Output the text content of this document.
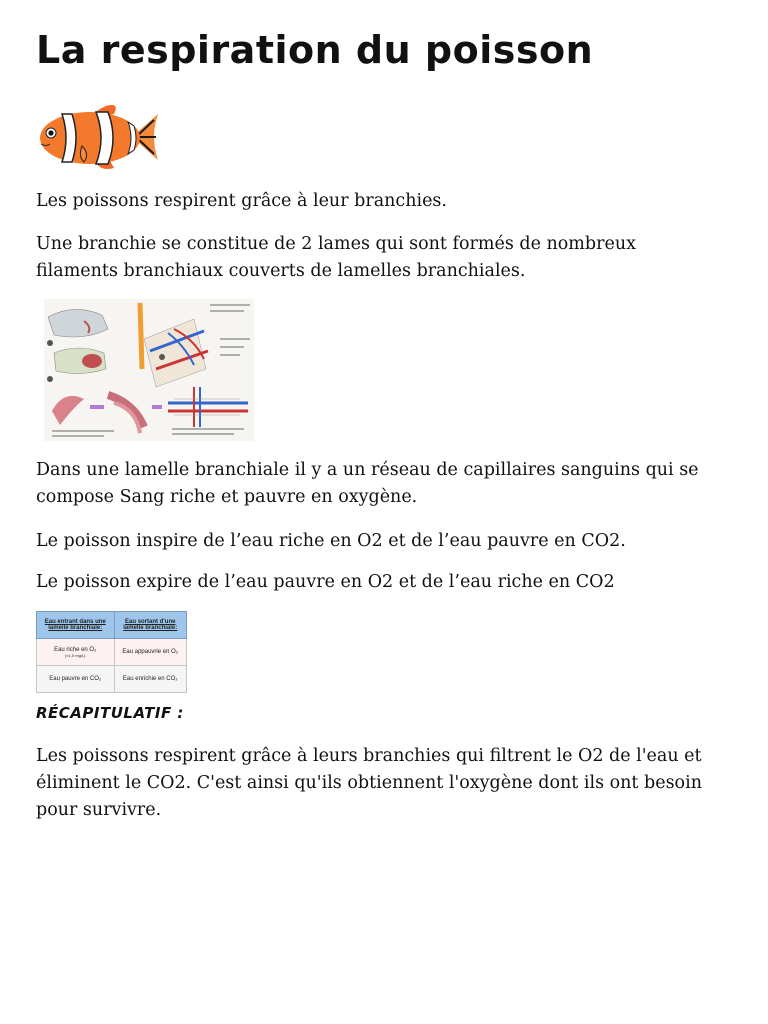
La respiration du poisson

Les poissons respirent grâce à leur branchies.

Une branchie se constitue de 2 lames qui sont formés de nombreux filaments branchiaux couverts de lamelles branchiales.

Dans une lamelle branchiale il y a un réseau de capillaires sanguins qui se compose Sang riche et pauvre en oxygène.

Le poisson inspire de l’eau riche en O2 et de l’eau pauvre en CO2.

Le poisson expire de l’eau pauvre en O2 et de l’eau riche en CO2

Eau entrant dans une lamelle branchiale:	Eau sortant d'une lamelle branchiale:
Eau riche en O₂
(≈1,0 mg/L)	Eau appauvrie en O₂
Eau pauvre en CO₂	Eau enrichie en CO₂
RÉCAPITULATIF :

Les poissons respirent grâce à leurs branchies qui filtrent le O2 de l'eau et éliminent le CO2. C'est ainsi qu'ils obtiennent l'oxygène dont ils ont besoin pour survivre.
